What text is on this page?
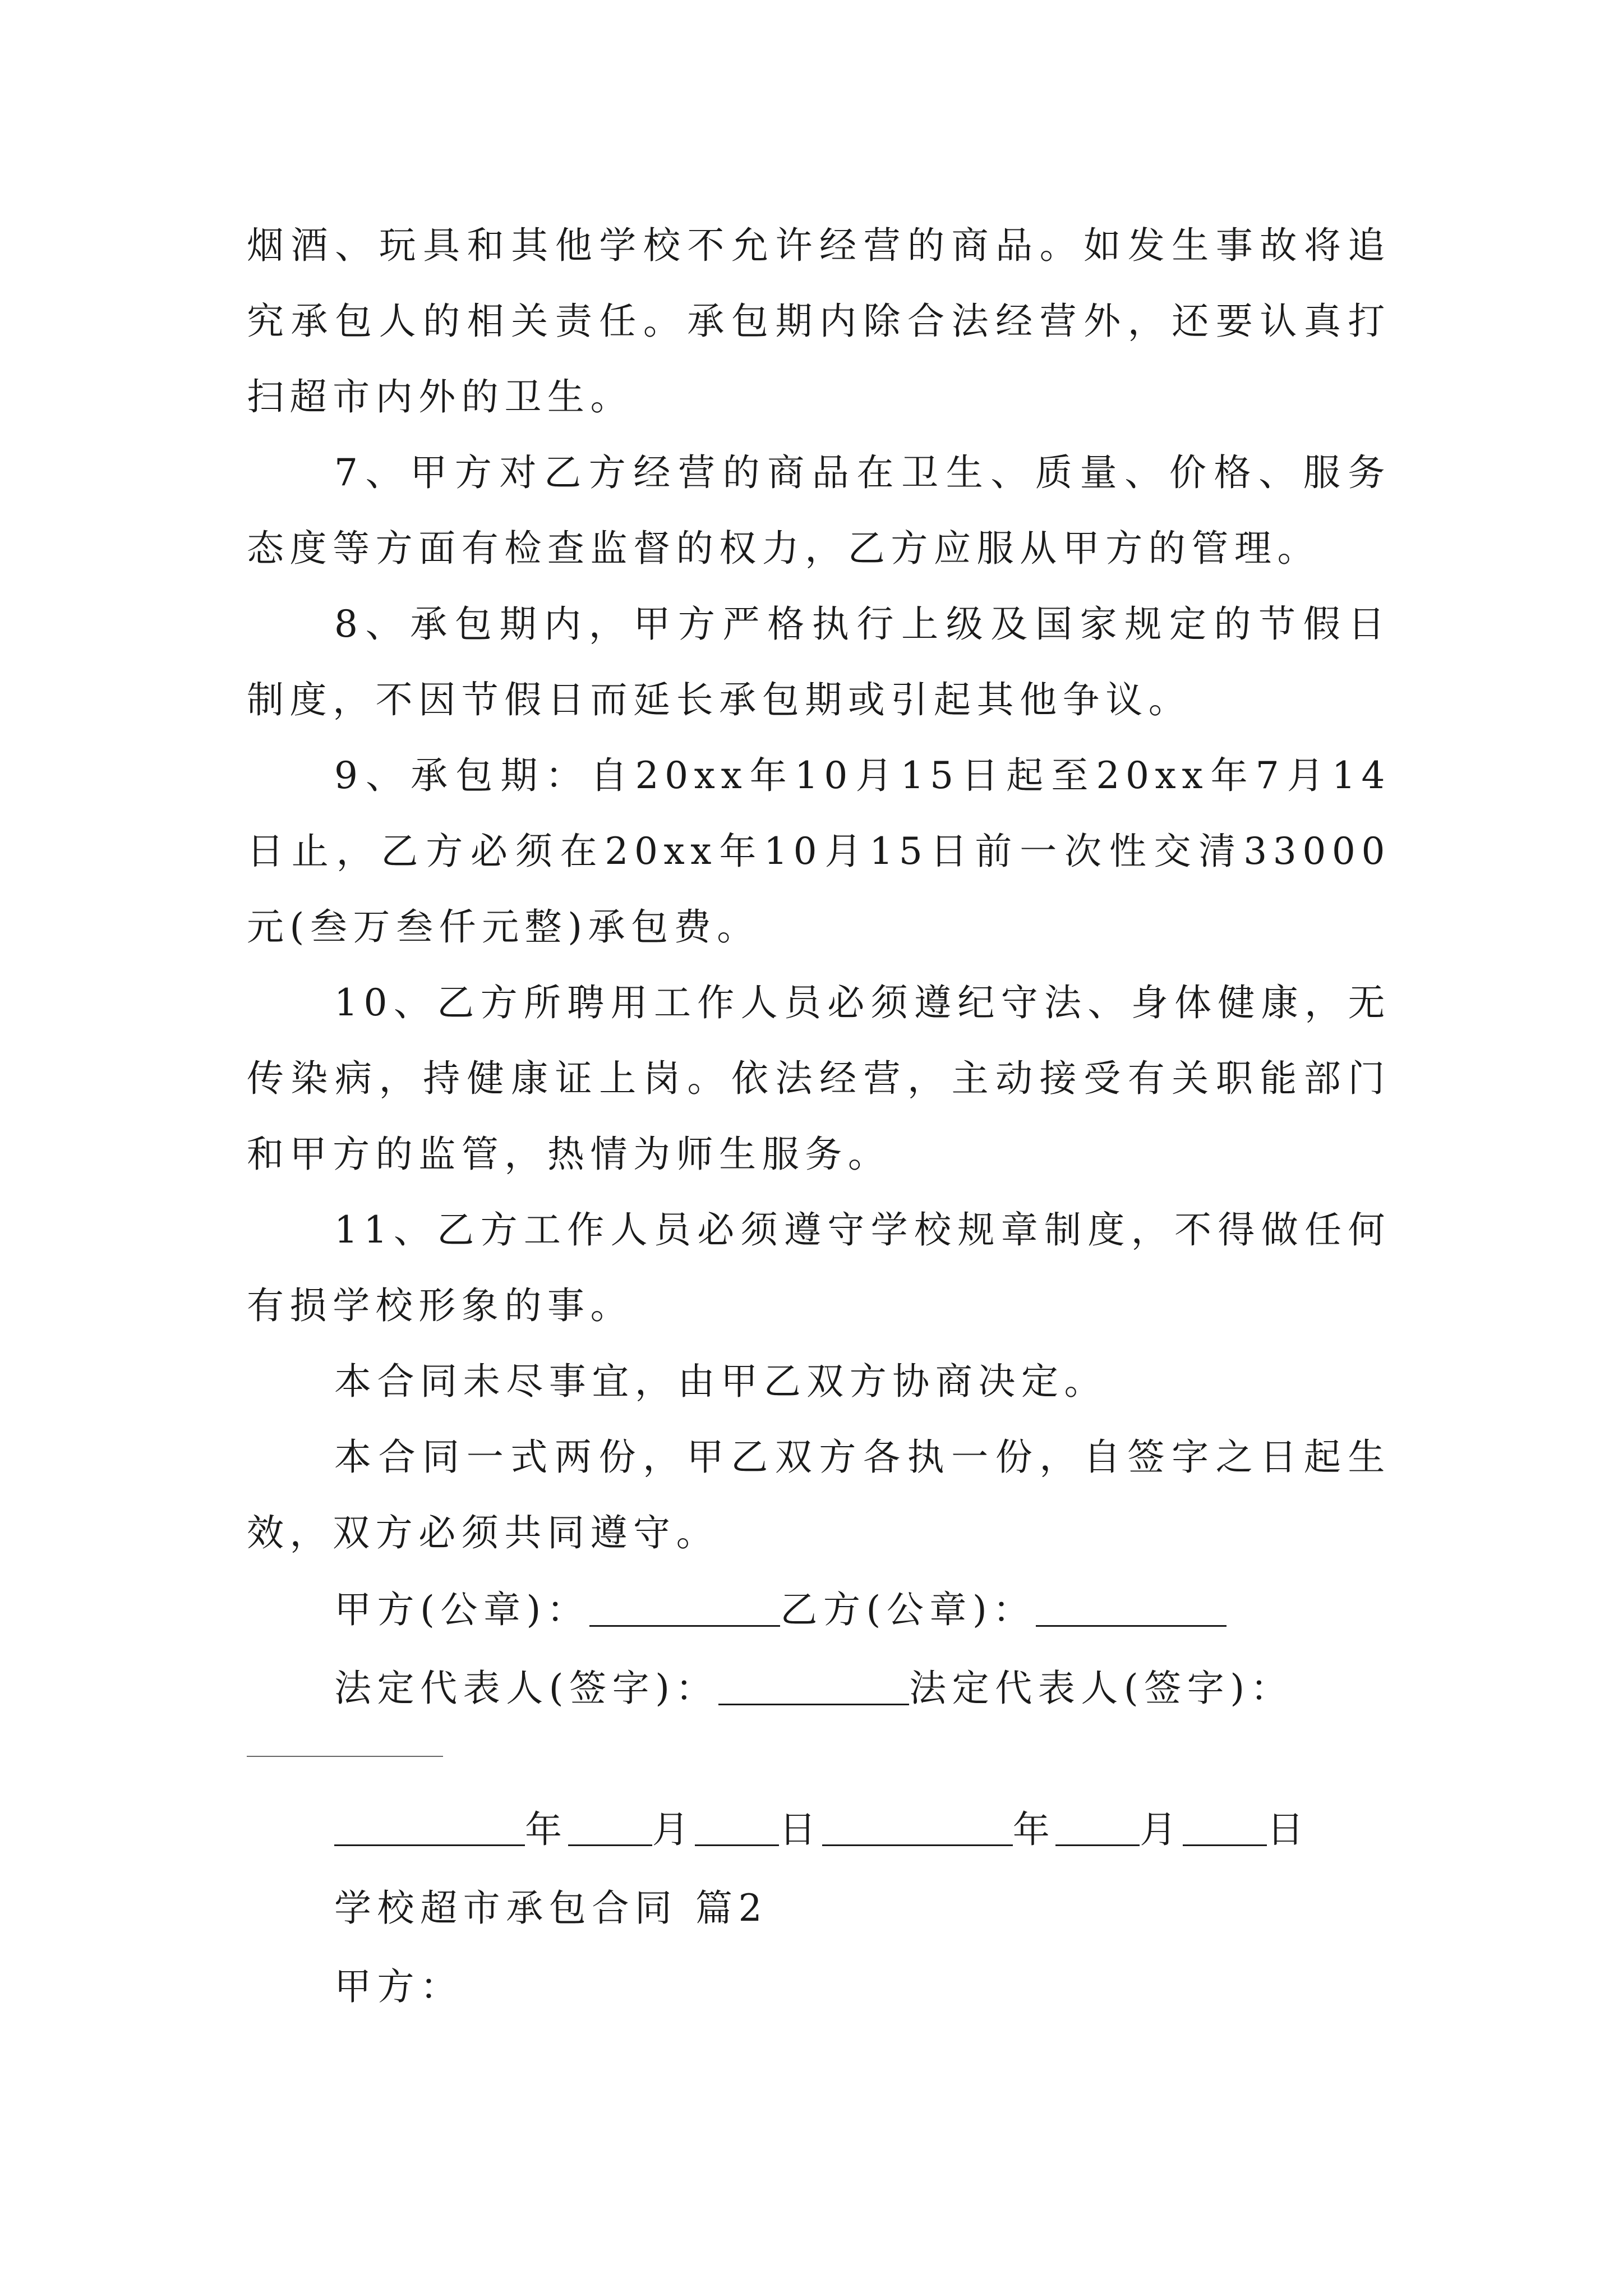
烟酒、玩具和其他学校不允许经营的商品。如发生事故将追究承包人的相关责任。承包期内除合法经营外，还要认真打扫超市内外的卫生。

7、甲方对乙方经营的商品在卫生、质量、价格、服务态度等方面有检查监督的权力，乙方应服从甲方的管理。

8、承包期内，甲方严格执行上级及国家规定的节假日制度，不因节假日而延长承包期或引起其他争议。

9、承包期：自20xx年10月15日起至20xx年7月14日止，乙方必须在20xx年10月15日前一次性交清33000元(叁万叁仟元整)承包费。

10、乙方所聘用工作人员必须遵纪守法、身体健康，无传染病，持健康证上岗。依法经营，主动接受有关职能部门和甲方的监管，热情为师生服务。

11、乙方工作人员必须遵守学校规章制度，不得做任何有损学校形象的事。

本合同未尽事宜，由甲乙双方协商决定。

本合同一式两份，甲乙双方各执一份，自签字之日起生效，双方必须共同遵守。

甲方(公章)：	乙方(公章)：

法定代表人(签字)：	法定代表人(签字)：

年 月 日	年 月 日

学校超市承包合同 篇2

甲方：
